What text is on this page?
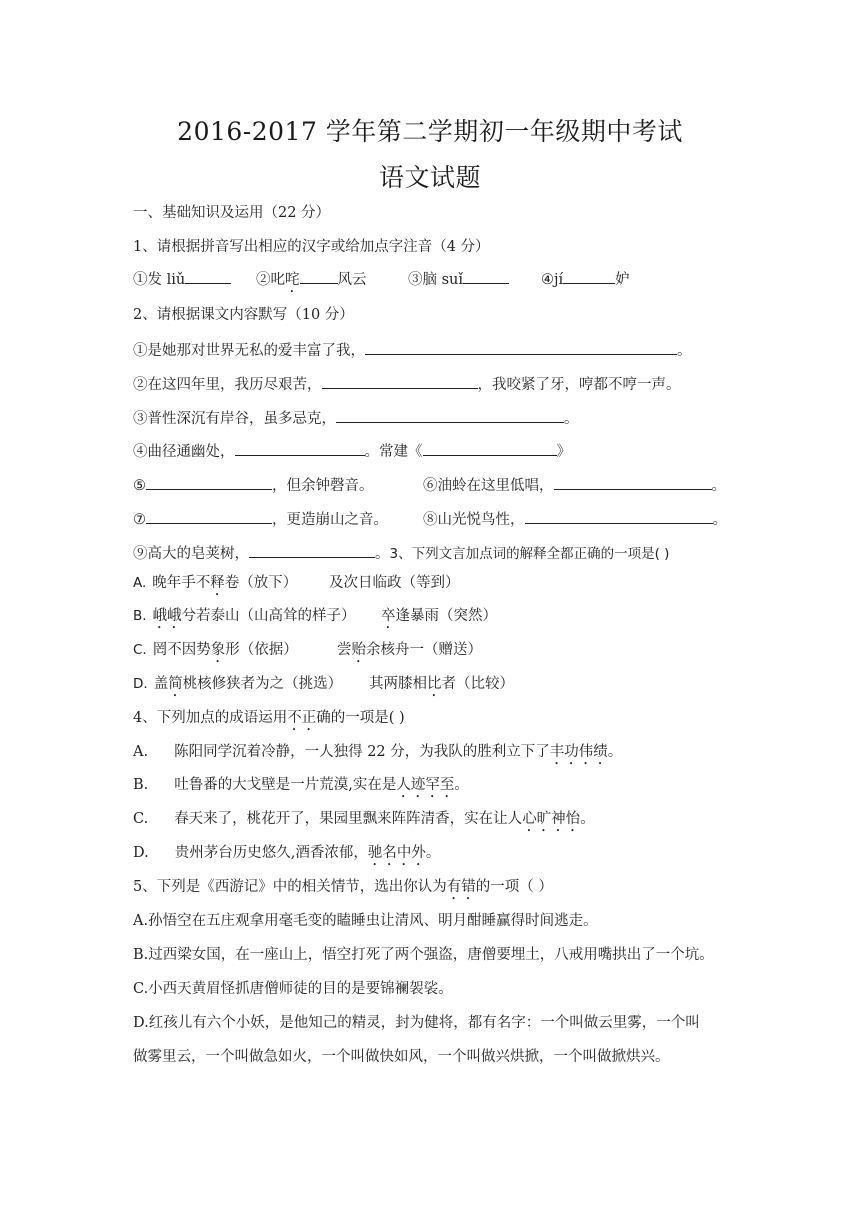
2016-2017 学年第二学期初一年级期中考试
语文试题
一、基础知识及运用（22 分）
1、请根据拼音写出相应的汉字或给加点字注音（4 分）
①发 liǔ	②叱咤	风云	③脑 suǐ	④jí	妒
2、请根据课文内容默写（10 分）
①是她那对世界无私的爱丰富了我，	。
②在这四年里，我历尽艰苦，	，我咬紧了牙，哼都不哼一声。
③普性深沉有岸谷，虽多忌克，	。
④曲径通幽处，	。常建《	》
⑤	，但余钟磬音。	⑥油蛉在这里低唱，	。
⑦	，更造崩山之音。 ⑧山光悦鸟性，	。
⑨高大的皂荚树，	。3、下列文言加点词的解释全都正确的一项是( )
A. 晚年手不释卷（放下） 及次日临政（等到）
B. 峨峨兮若泰山（山高耸的样子） 卒逢暴雨（突然）
C. 罔不因势象形（依据）	尝贻余核舟一（赠送）
D. 盖简桃核修狭者为之（挑选） 其两膝相比者（比较）
4、下列加点的成语运用不正确的一项是( )
A. 陈阳同学沉着冷静，一人独得 22 分，为我队的胜利立下了丰功伟绩。
B. 吐鲁番的大戈壁是一片荒漠,实在是人迹罕至。
C. 春天来了，桃花开了，果园里飘来阵阵清香，实在让人心旷神怡。
D. 贵州茅台历史悠久,酒香浓郁，驰名中外。
5、下列是《西游记》中的相关情节，选出你认为有错的一项（ ）
A.孙悟空在五庄观拿用毫毛变的瞌睡虫让清风、明月酣睡赢得时间逃走。
B.过西梁女国，在一座山上，悟空打死了两个强盗，唐僧要埋土，八戒用嘴拱出了一个坑。
C.小西天黄眉怪抓唐僧师徒的目的是要锦襕袈裟。
D.红孩儿有六个小妖，是他知己的精灵，封为健将，都有名字：一个叫做云里雾，一个叫
做雾里云，一个叫做急如火，一个叫做快如风，一个叫做兴烘掀，一个叫做掀烘兴。
